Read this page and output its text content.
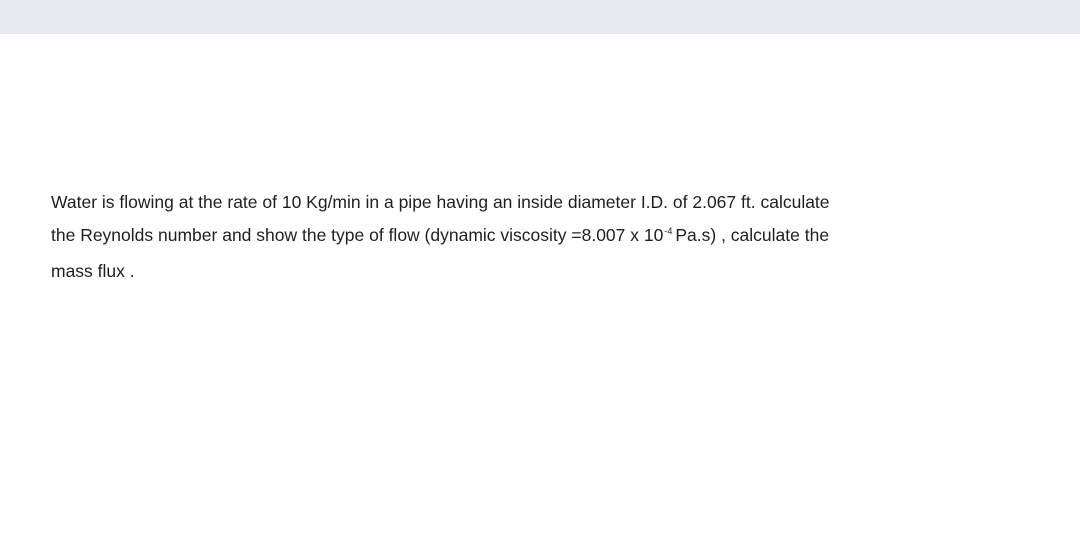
Water is flowing at the rate of 10 Kg/min in a pipe having an inside diameter I.D. of 2.067 ft. calculate
the Reynolds number and show the type of flow (dynamic viscosity =8.007 x $10^{-4}$ Pa.s) , calculate the
mass flux .
